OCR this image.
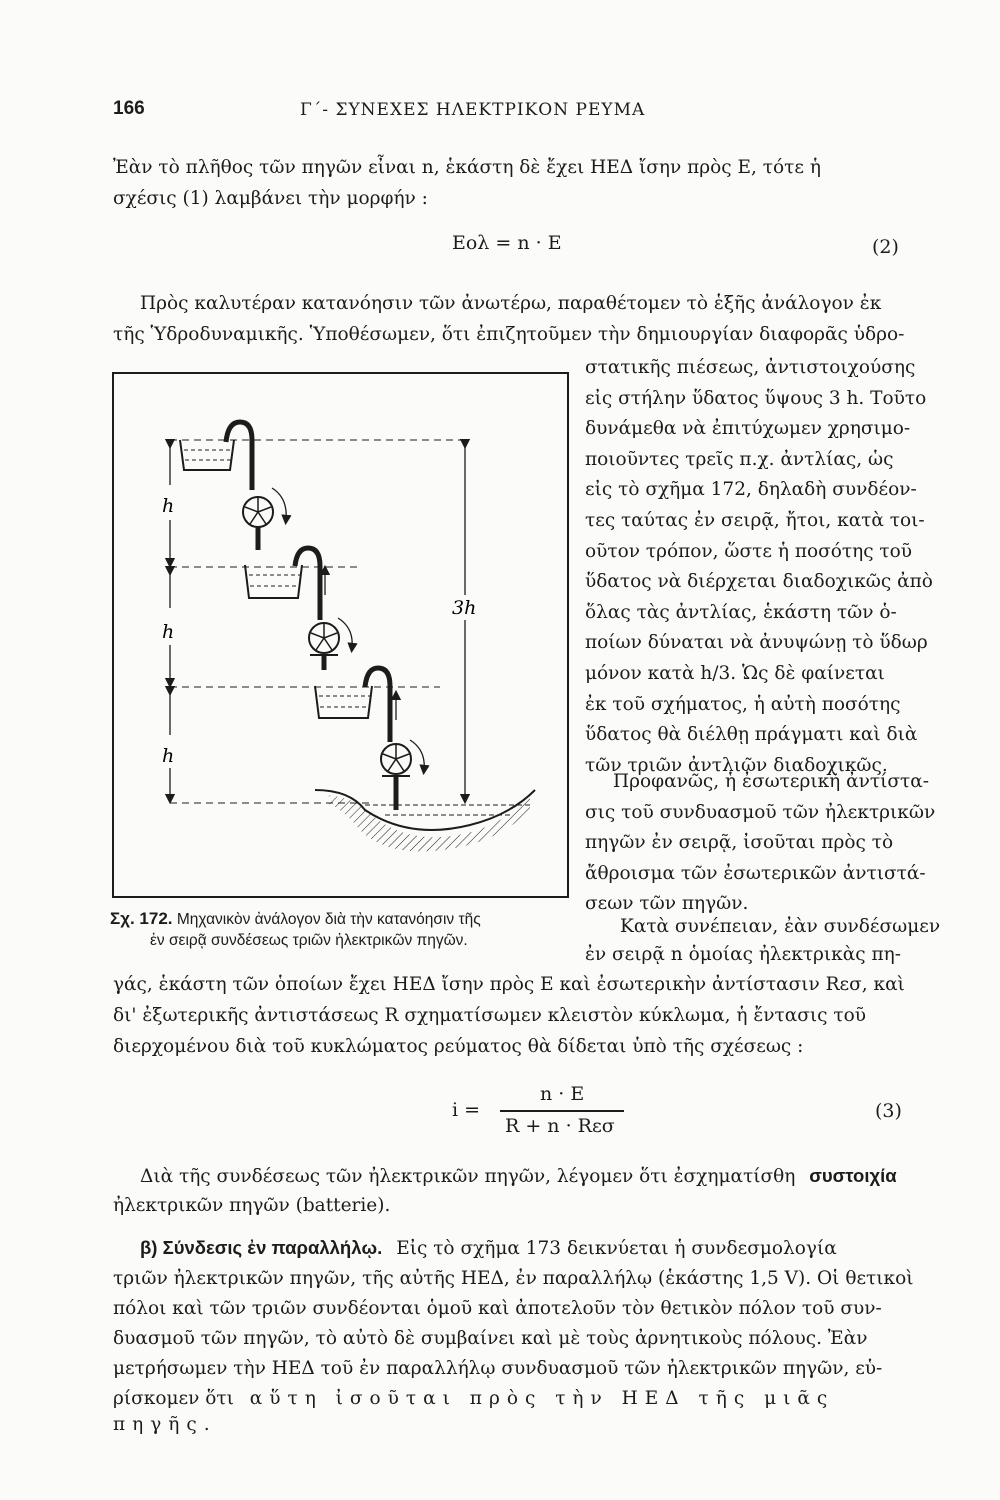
166	Γ΄- ΣΥΝΕΧΕΣ ΗΛΕΚΤΡΙΚΟΝ ΡΕΥΜΑ

Ἐὰν τὸ πλῆθος τῶν πηγῶν εἶναι n, ἑκάστη δὲ ἔχει ΗΕΔ ἴσην πρὸς Ε, τότε ἡ

σχέσις (1) λαμβάνει τὴν μορφήν :

Εολ = n · E	(2)

Πρὸς καλυτέραν κατανόησιν τῶν ἀνωτέρω, παραθέτομεν τὸ ἑξῆς ἀνάλογον ἐκ

τῆς Ὑδροδυναμικῆς. Ὑποθέσωμεν, ὅτι ἐπιζητοῦμεν τὴν δημιουργίαν διαφορᾶς ὑδρο-

στατικῆς πιέσεως, ἀντιστοιχούσης

εἰς στήλην ὕδατος ὕψους 3 h. Τοῦτο

δυνάμεθα νὰ ἐπιτύχωμεν χρησιμο-

ποιοῦντες τρεῖς π.χ. ἀντλίας, ὡς

εἰς τὸ σχῆμα 172, δηλαδὴ συνδέον-

τες ταύτας ἐν σειρᾷ, ἤτοι, κατὰ τοι-

οῦτον τρόπον, ὥστε ἡ ποσότης τοῦ

ὕδατος νὰ διέρχεται διαδοχικῶς ἀπὸ

ὅλας τὰς ἀντλίας, ἑκάστη τῶν ὁ-

ποίων δύναται νὰ ἀνυψώνῃ τὸ ὕδωρ

μόνον κατὰ h/3. Ὡς δὲ φαίνεται

ἐκ τοῦ σχήματος, ἡ αὐτὴ ποσότης

ὕδατος θὰ διέλθῃ πράγματι καὶ διὰ

τῶν τριῶν ἀντλιῶν διαδοχικῶς.

Προφανῶς, ἡ ἐσωτερικὴ ἀντίστα-

σις τοῦ συνδυασμοῦ τῶν ἠλεκτρικῶν

πηγῶν ἐν σειρᾷ, ἰσοῦται πρὸς τὸ

ἄθροισμα τῶν ἐσωτερικῶν ἀντιστά-

σεων τῶν πηγῶν.

Κατὰ συνέπειαν, ἐὰν συνδέσωμεν

ἐν σειρᾷ n ὁμοίας ἠλεκτρικὰς πη-

γάς, ἑκάστη τῶν ὁποίων ἔχει ΗΕΔ ἴσην πρὸς Ε καὶ ἐσωτερικὴν ἀντίστασιν Rεσ, καὶ

δι' ἐξωτερικῆς ἀντιστάσεως R σχηματίσωμεν κλειστὸν κύκλωμα, ἡ ἔντασις τοῦ

διερχομένου διὰ τοῦ κυκλώματος ρεύματος θὰ δίδεται ὑπὸ τῆς σχέσεως :

i =
n · E
R + n · Rεσ
(3)

Διὰ τῆς συνδέσεως τῶν ἠλεκτρικῶν πηγῶν, λέγομεν ὅτι ἐσχηματίσθη συστοιχία

ἠλεκτρικῶν πηγῶν (batterie).

β) Σύνδεσις ἐν παραλλήλῳ. Εἰς τὸ σχῆμα 173 δεικνύεται ἡ συνδεσμολογία

τριῶν ἠλεκτρικῶν πηγῶν, τῆς αὐτῆς ΗΕΔ, ἐν παραλλήλῳ (ἑκάστης 1,5 V). Οἱ θετικοὶ

πόλοι καὶ τῶν τριῶν συνδέονται ὁμοῦ καὶ ἀποτελοῦν τὸν θετικὸν πόλον τοῦ συν-

δυασμοῦ τῶν πηγῶν, τὸ αὐτὸ δὲ συμβαίνει καὶ μὲ τοὺς ἀρνητικοὺς πόλους. Ἐὰν

μετρήσωμεν τὴν ΗΕΔ τοῦ ἐν παραλλήλῳ συνδυασμοῦ τῶν ἠλεκτρικῶν πηγῶν, εὑ-

ρίσκομεν ὅτι αὕτη ἰσοῦται πρὸς τὴν ΗΕΔ τῆς μιᾶς πηγῆς.

h
h
h
3h
Σχ. 172. Μηχανικὸν ἀνάλογον διὰ τὴν κατανόησιν τῆς
ἐν σειρᾷ συνδέσεως τριῶν ἠλεκτρικῶν πηγῶν.
